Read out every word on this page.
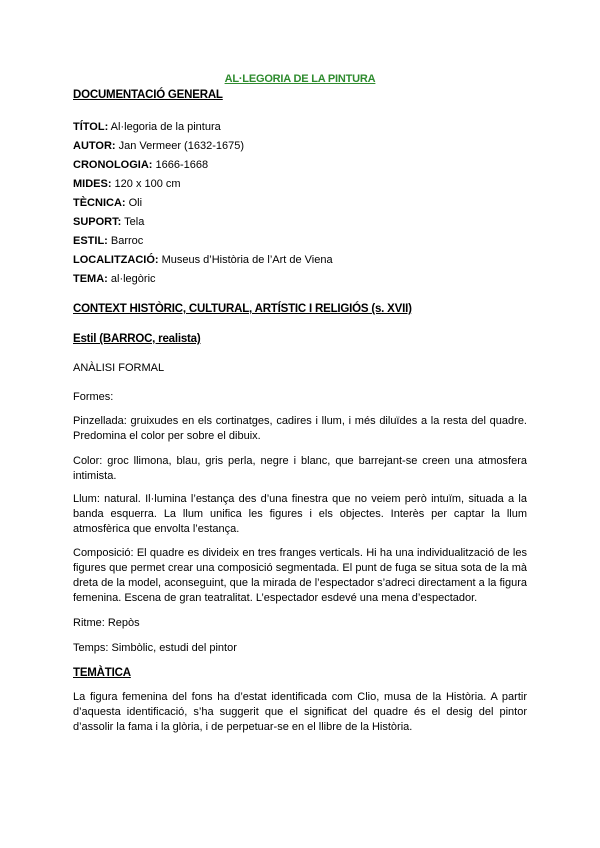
AL·LEGORIA DE LA PINTURA
DOCUMENTACIÓ GENERAL
TÍTOL: Al·legoria de la pintura
AUTOR: Jan Vermeer (1632-1675)
CRONOLOGIA: 1666-1668
MIDES: 120 x 100 cm
TÈCNICA: Oli
SUPORT: Tela
ESTIL: Barroc
LOCALITZACIÓ: Museus d’Història de l’Art de Viena
TEMA: al·legòric
CONTEXT HISTÒRIC, CULTURAL, ARTÍSTIC I RELIGIÓS (s. XVII)
Estil (BARROC, realista)
ANÀLISI FORMAL
Formes:
Pinzellada: gruixudes en els cortinatges, cadires i llum, i més diluïdes a la resta del quadre. Predomina el color per sobre el dibuix.
Color: groc llimona, blau, gris perla, negre i blanc, que barrejant-se creen una atmosfera intimista.
Llum: natural. Il·lumina l’estança des d’una finestra que no veiem però intuïm, situada a la banda esquerra. La llum unifica les figures i els objectes. Interès per captar la llum atmosfèrica que envolta l’estança.
Composició: El quadre es divideix en tres franges verticals. Hi ha una individualització de les figures que permet crear una composició segmentada. El punt de fuga se situa sota de la mà dreta de la model, aconseguint, que la mirada de l’espectador s’adreci directament a la figura femenina. Escena de gran teatralitat. L’espectador esdevé una mena d’espectador.
Ritme: Repòs
Temps: Simbòlic, estudi del pintor
TEMÀTICA
La figura femenina del fons ha d’estat identificada com Clio, musa de la Història. A partir d’aquesta identificació, s’ha suggerit que el significat del quadre és el desig del pintor d’assolir la fama i la glòria, i de perpetuar-se en el llibre de la Història.
